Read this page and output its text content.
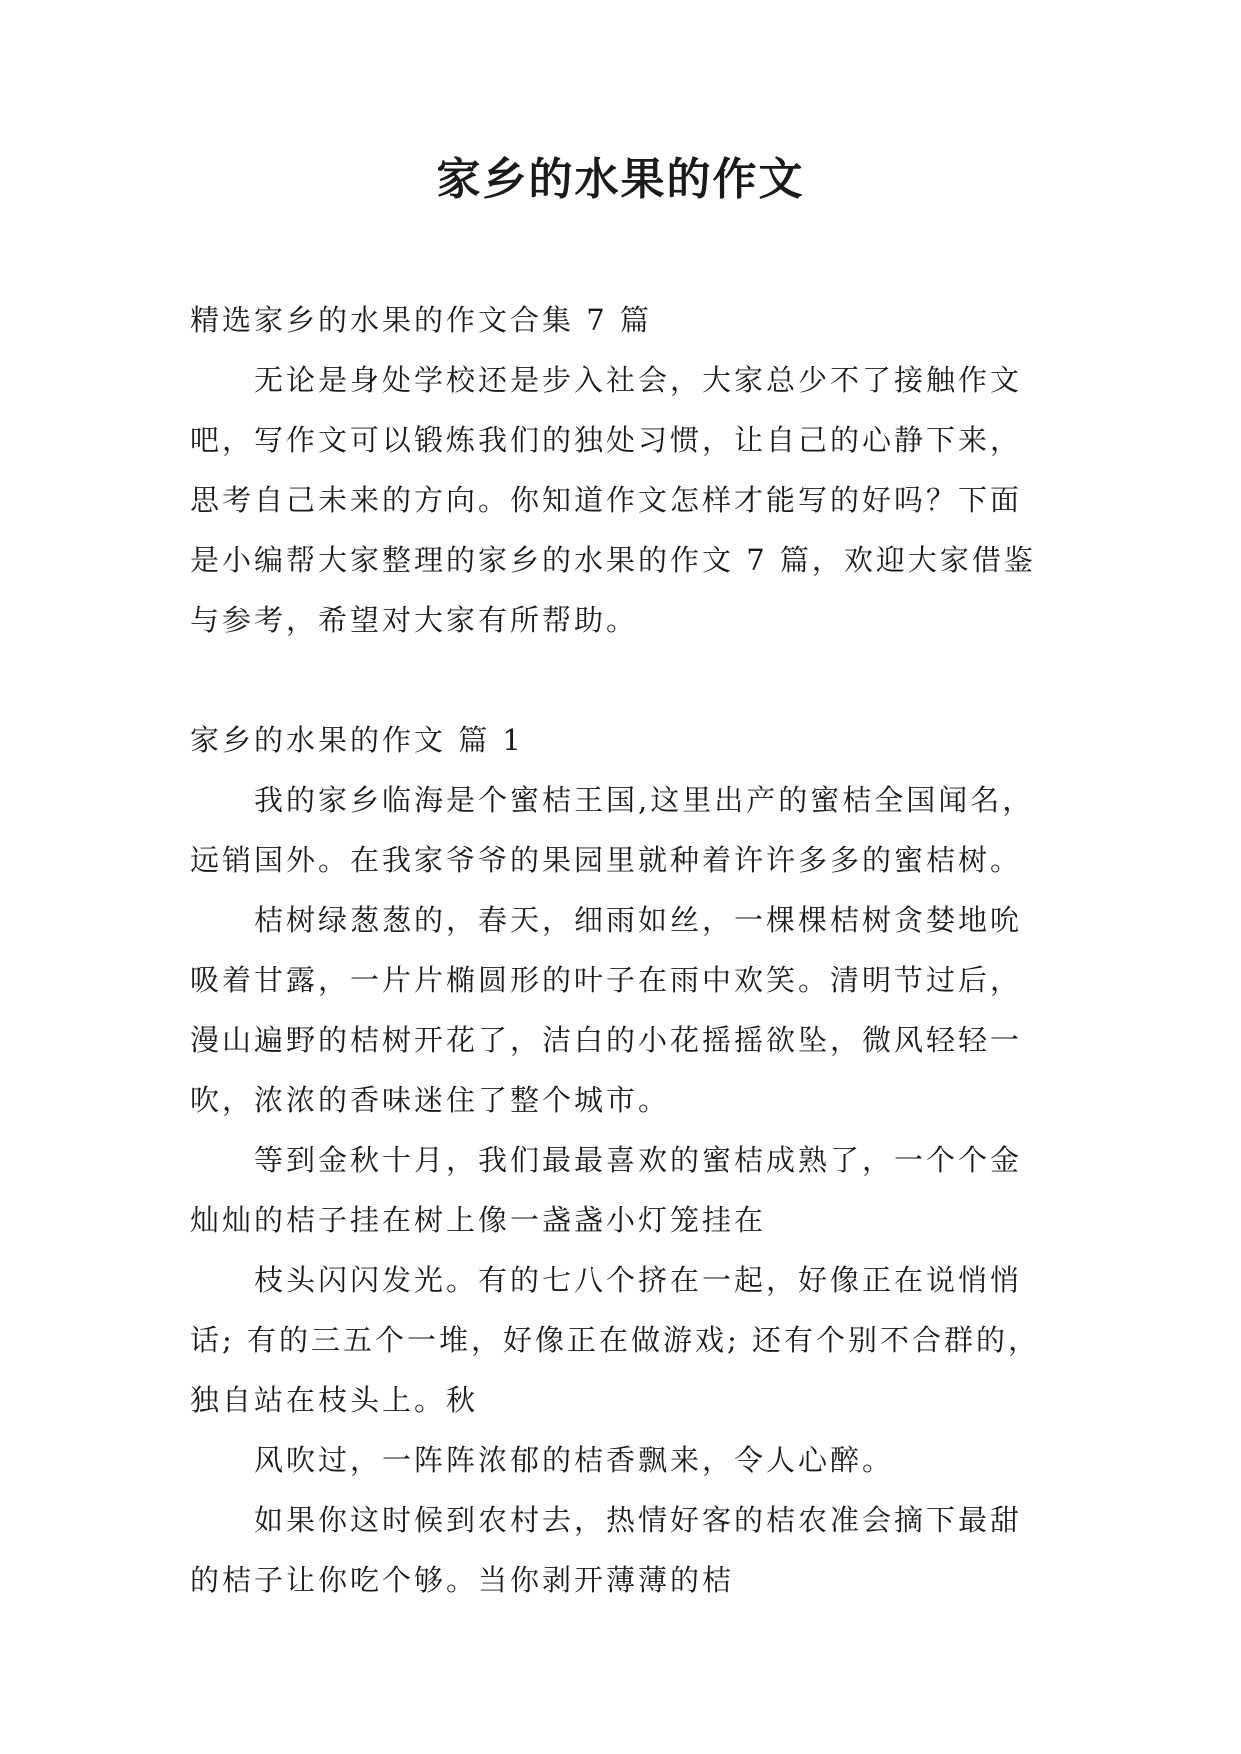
家乡的水果的作文
精选家乡的水果的作文合集 7 篇
无论是身处学校还是步入社会，大家总少不了接触作文
吧，写作文可以锻炼我们的独处习惯，让自己的心静下来，
思考自己未来的方向。你知道作文怎样才能写的好吗？下面
是小编帮大家整理的家乡的水果的作文 7 篇，欢迎大家借鉴
与参考，希望对大家有所帮助。
家乡的水果的作文 篇 1
我的家乡临海是个蜜桔王国,这里出产的蜜桔全国闻名，
远销国外。在我家爷爷的果园里就种着许许多多的蜜桔树。
桔树绿葱葱的，春天，细雨如丝，一棵棵桔树贪婪地吮
吸着甘露，一片片椭圆形的叶子在雨中欢笑。清明节过后，
漫山遍野的桔树开花了，洁白的小花摇摇欲坠，微风轻轻一
吹，浓浓的香味迷住了整个城市。
等到金秋十月，我们最最喜欢的蜜桔成熟了，一个个金
灿灿的桔子挂在树上像一盏盏小灯笼挂在
枝头闪闪发光。有的七八个挤在一起，好像正在说悄悄
话; 有的三五个一堆，好像正在做游戏; 还有个别不合群的，
独自站在枝头上。秋
风吹过，一阵阵浓郁的桔香飘来，令人心醉。
如果你这时候到农村去，热情好客的桔农准会摘下最甜
的桔子让你吃个够。当你剥开薄薄的桔
